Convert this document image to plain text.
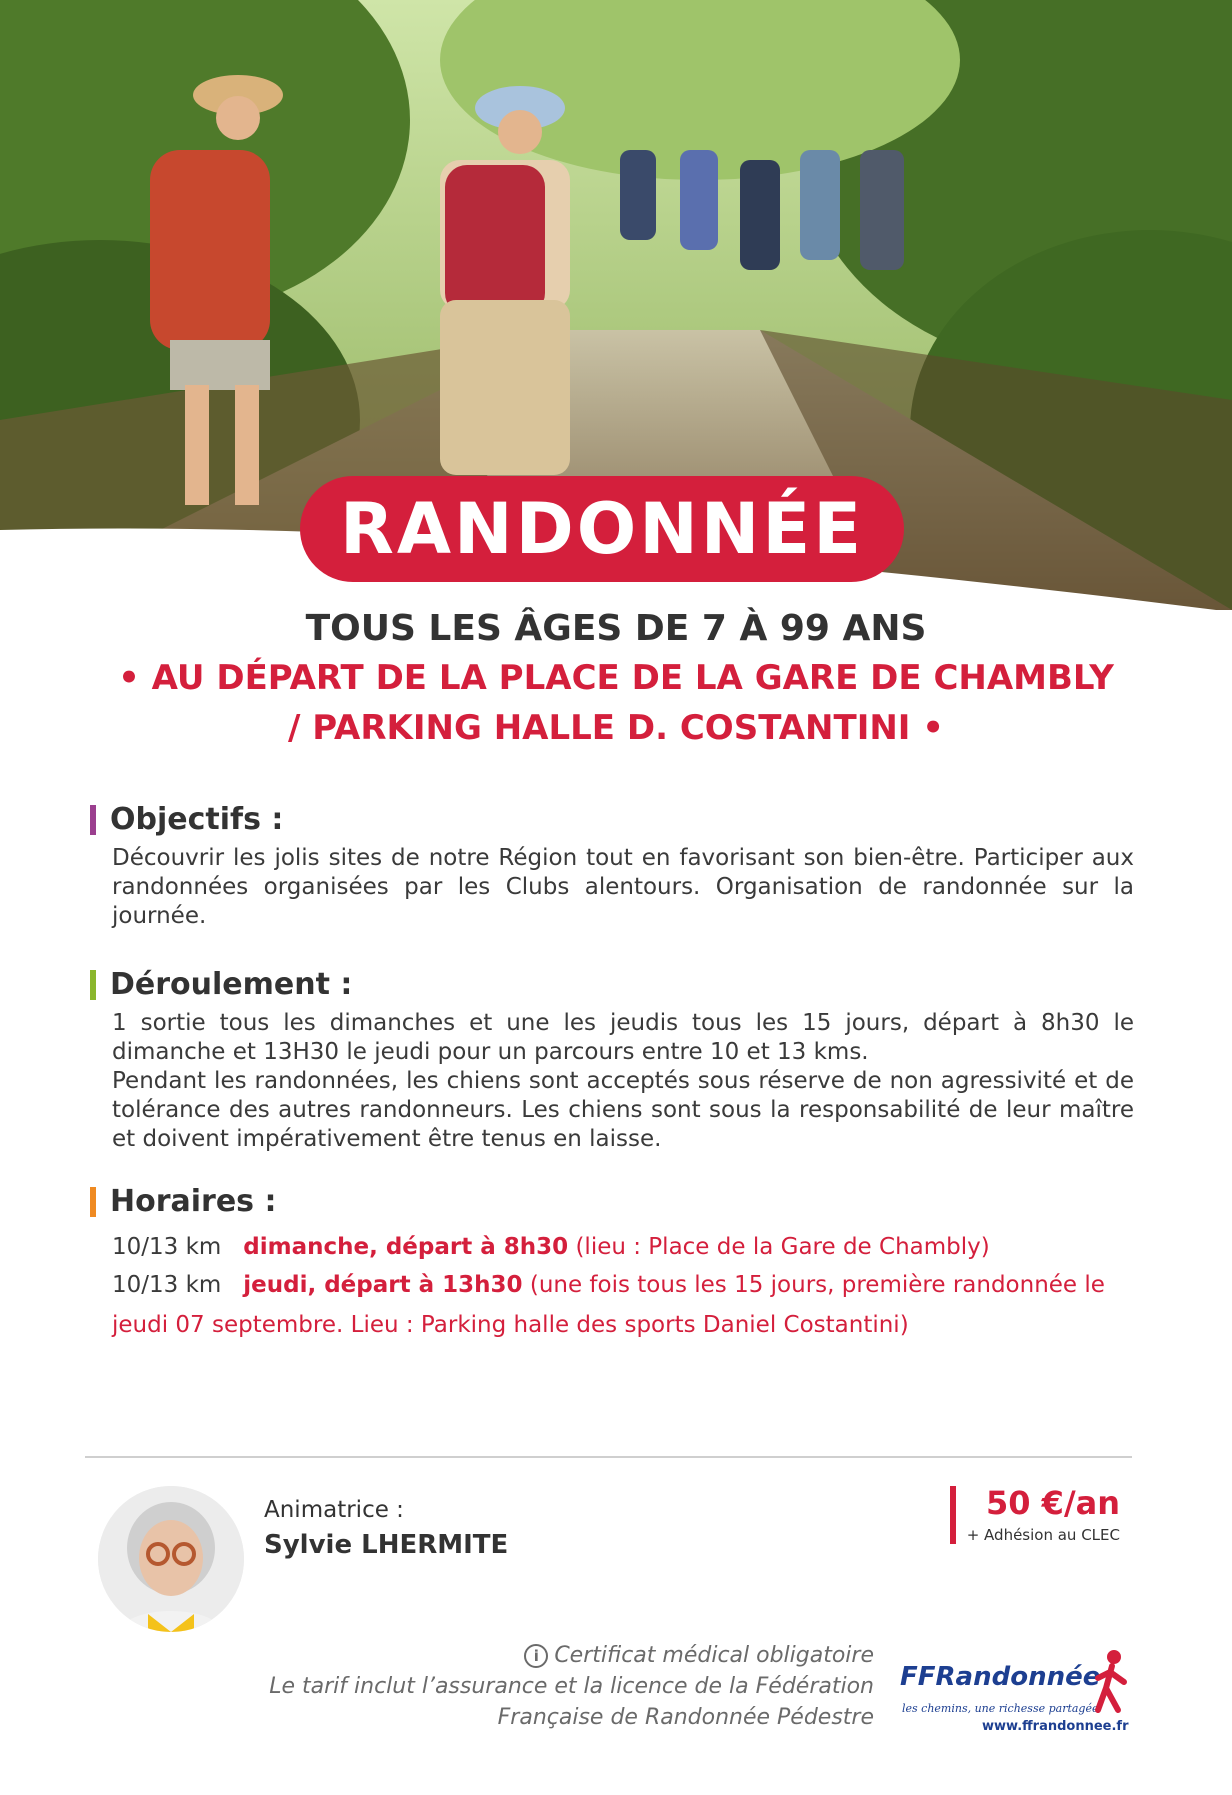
RANDONNÉE
TOUS LES ÂGES DE 7 À 99 ANS
• AU DÉPART DE LA PLACE DE LA GARE DE CHAMBLY
/ PARKING HALLE D. COSTANTINI •
Objectifs :
Découvrir les jolis sites de notre Région tout en favorisant son bien-être. Participer aux randonnées organisées par les Clubs alentours. Organisation de randonnée sur la journée.
Déroulement :
1 sortie tous les dimanches et une les jeudis tous les 15 jours, départ à 8h30 le dimanche et 13H30 le jeudi pour un parcours entre 10 et 13 kms.
Pendant les randonnées, les chiens sont acceptés sous réserve de non agressivité et de tolérance des autres randonneurs. Les chiens sont sous la responsabilité de leur maître et doivent impérativement être tenus en laisse.
Horaires :
10/13 km dimanche, départ à 8h30 (lieu : Place de la Gare de Chambly)
10/13 km jeudi, départ à 13h30 (une fois tous les 15 jours, première randonnée le
jeudi 07 septembre. Lieu : Parking halle des sports Daniel Costantini)
Animatrice :
Sylvie LHERMITE
50 €/an
+ Adhésion au CLEC
i Certificat médical obligatoire
Le tarif inclut l’assurance et la licence de la Fédération
Française de Randonnée Pédestre
FFRandonnée
les chemins, une richesse partagée
www.ffrandonnee.fr
